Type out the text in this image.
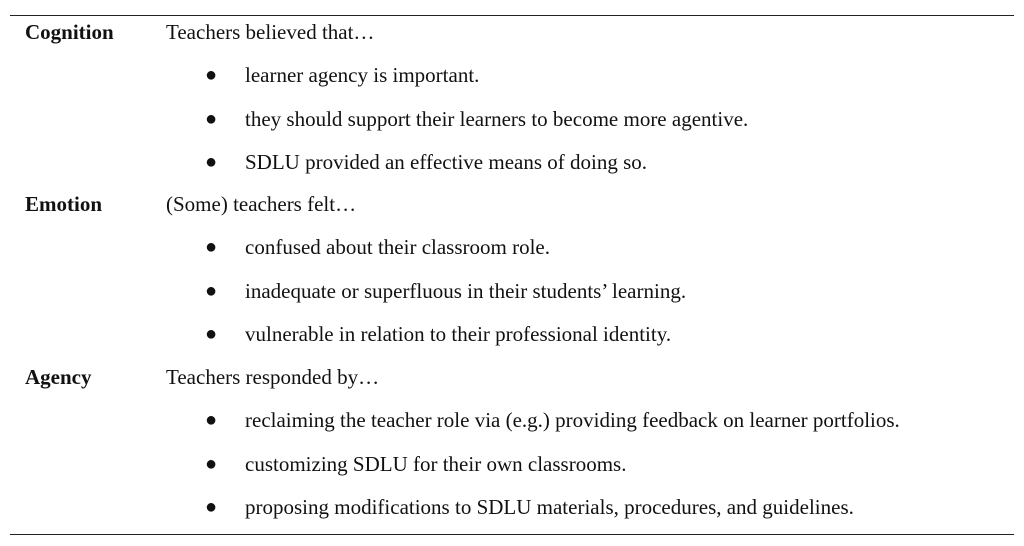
Cognition Teachers believed that…
● learner agency is important.
● they should support their learners to become more agentive.
● SDLU provided an effective means of doing so.
Emotion	(Some) teachers felt…
● confused about their classroom role.
● inadequate or superfluous in their students’ learning.
● vulnerable in relation to their professional identity.
Agency	Teachers responded by…
● reclaiming the teacher role via (e.g.) providing feedback on learner portfolios.
● customizing SDLU for their own classrooms.
● proposing modifications to SDLU materials, procedures, and guidelines.
